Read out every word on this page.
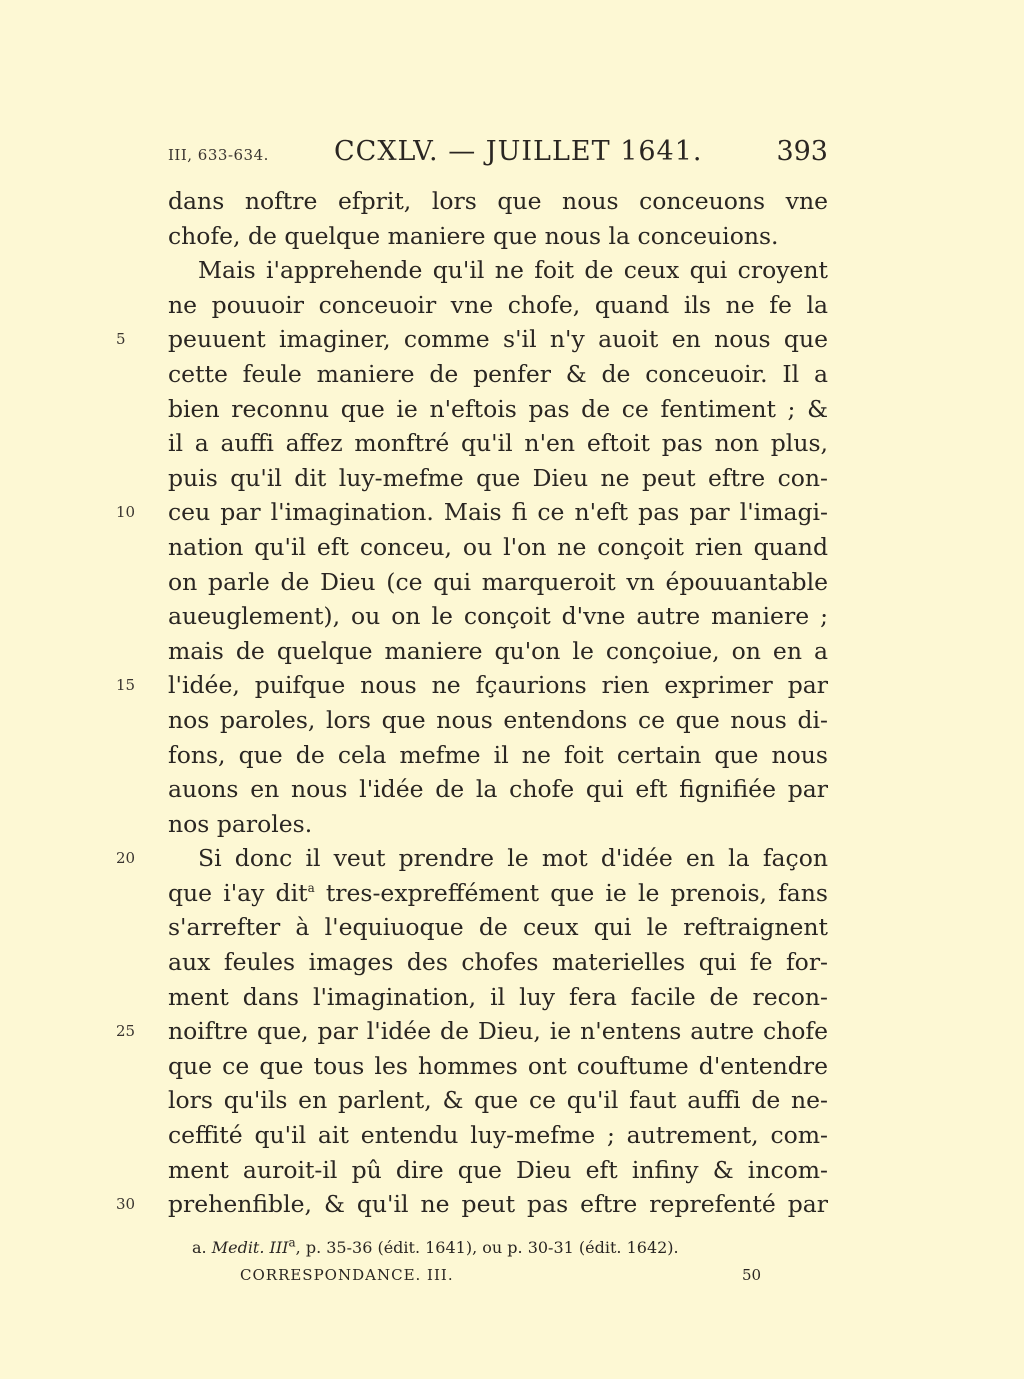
III, 633-634. CCXLV. — JUILLET 1641.	393
dans noftre efprit, lors que nous conceuons vne
chofe, de quelque maniere que nous la conceuions.
Mais i'apprehende qu'il ne foit de ceux qui croyent
ne pouuoir conceuoir vne chofe, quand ils ne fe la
5	peuuent imaginer, comme s'il n'y auoit en nous que
cette feule maniere de penfer & de conceuoir. Il a
bien reconnu que ie n'eftois pas de ce fentiment ; &
il a auffi affez monftré qu'il n'en eftoit pas non plus,
puis qu'il dit luy-mefme que Dieu ne peut eftre con-
10	ceu par l'imagination. Mais fi ce n'eft pas par l'imagi-
nation qu'il eft conceu, ou l'on ne conçoit rien quand
on parle de Dieu (ce qui marqueroit vn épouuantable
aueuglement), ou on le conçoit d'vne autre maniere ;
mais de quelque maniere qu'on le conçoiue, on en a
15	l'idée, puifque nous ne fçaurions rien exprimer par
nos paroles, lors que nous entendons ce que nous di-
fons, que de cela mefme il ne foit certain que nous
auons en nous l'idée de la chofe qui eft fignifiée par
nos paroles.
20	Si donc il veut prendre le mot d'idée en la façon
que i'ay dit$^a$ tres-expreffément que ie le prenois, fans
s'arrefter à l'equiuoque de ceux qui le reftraignent
aux feules images des chofes materielles qui fe for-
ment dans l'imagination, il luy fera facile de recon-
25	noiftre que, par l'idée de Dieu, ie n'entens autre chofe
que ce que tous les hommes ont couftume d'entendre
lors qu'ils en parlent, & que ce qu'il faut auffi de ne-
ceffité qu'il ait entendu luy-mefme ; autrement, com-
ment auroit-il pû dire que Dieu eft infiny & incom-
30	prehenfible, & qu'il ne peut pas eftre reprefenté par
a. Medit. III$^a$, p. 35-36 (édit. 1641), ou p. 30-31 (édit. 1642).
CORRESPONDANCE. III.	50
